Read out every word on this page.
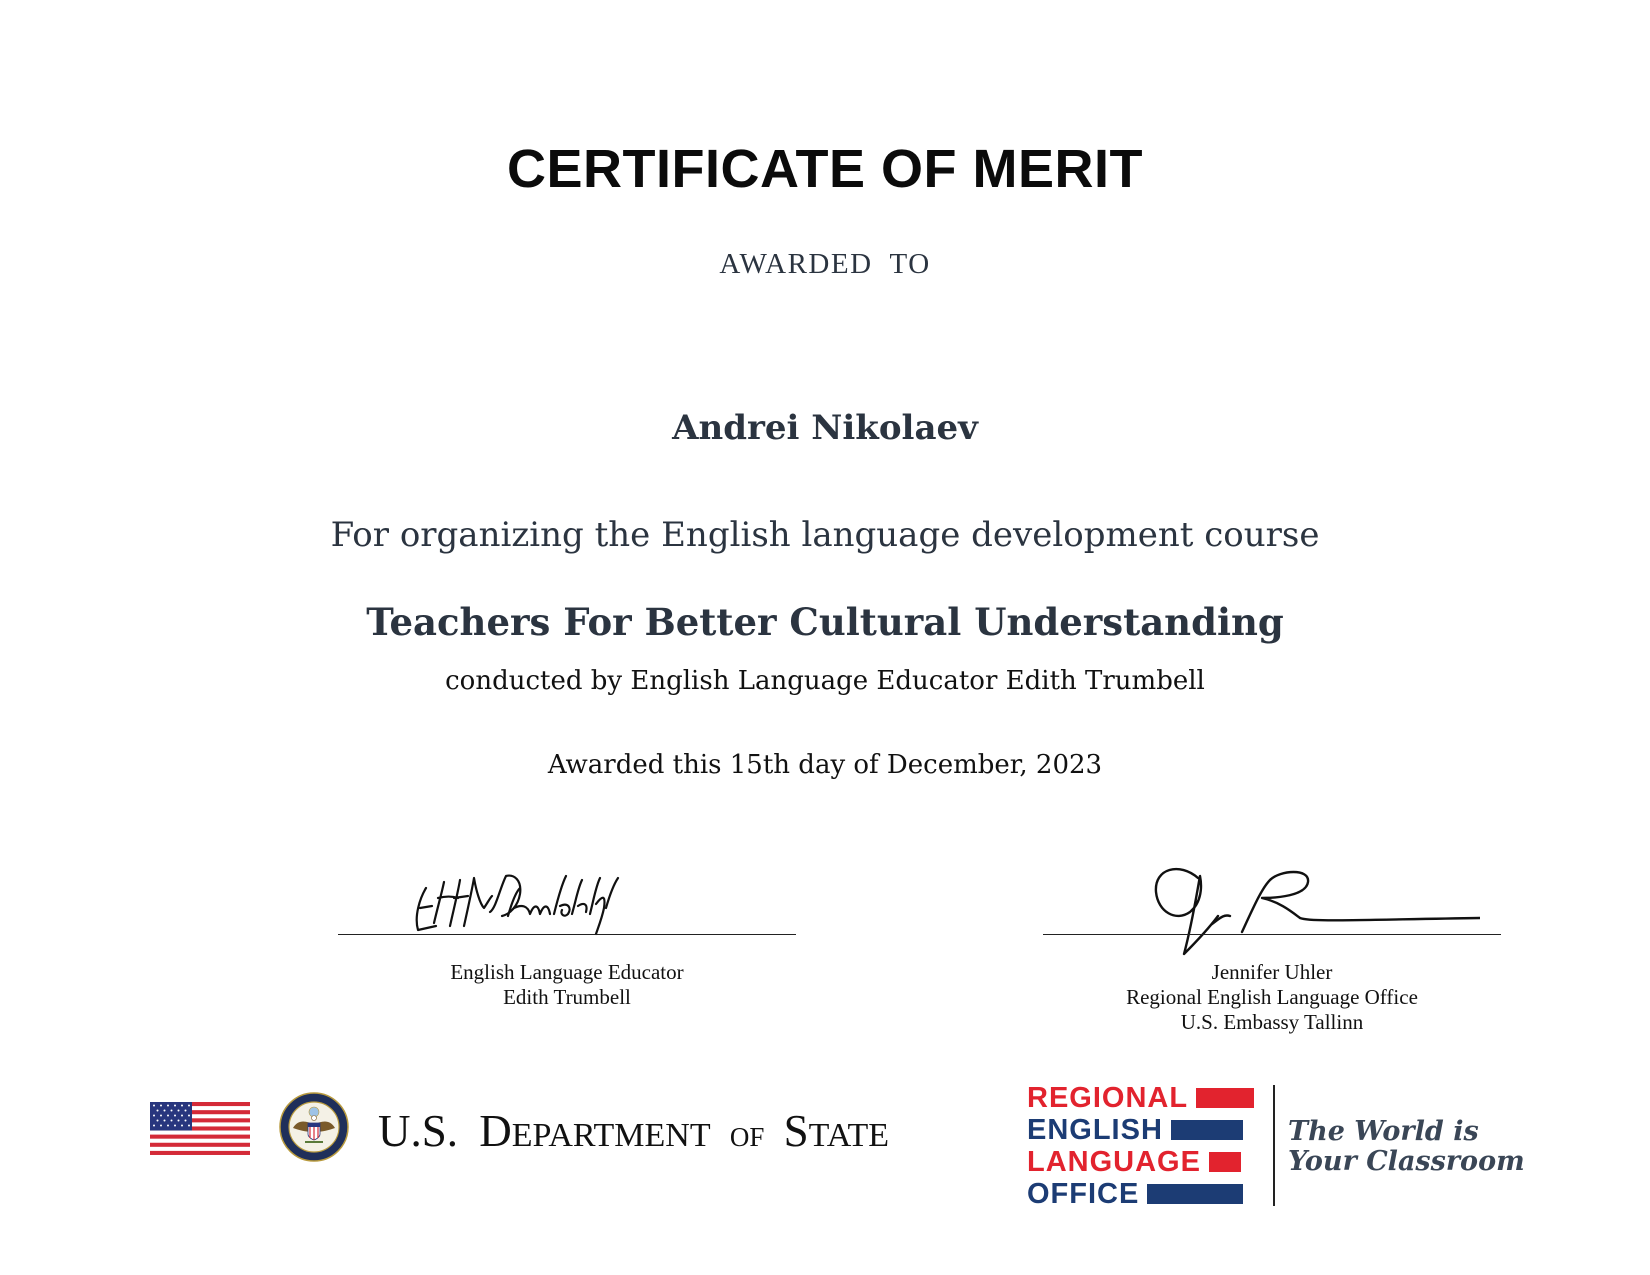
CERTIFICATE OF MERIT
AWARDED  TO
Andrei Nikolaev
For organizing the English language development course
Teachers For Better Cultural Understanding
conducted by English Language Educator Edith Trumbell
Awarded this 15th day of December, 2023
English Language Educator
Edith Trumbell
Jennifer Uhler
Regional English Language Office
U.S. Embassy Tallinn
U.S. DEPARTMENT OF STATE
REGIONAL
ENGLISH
LANGUAGE
OFFICE
The World is
Your Classroom
